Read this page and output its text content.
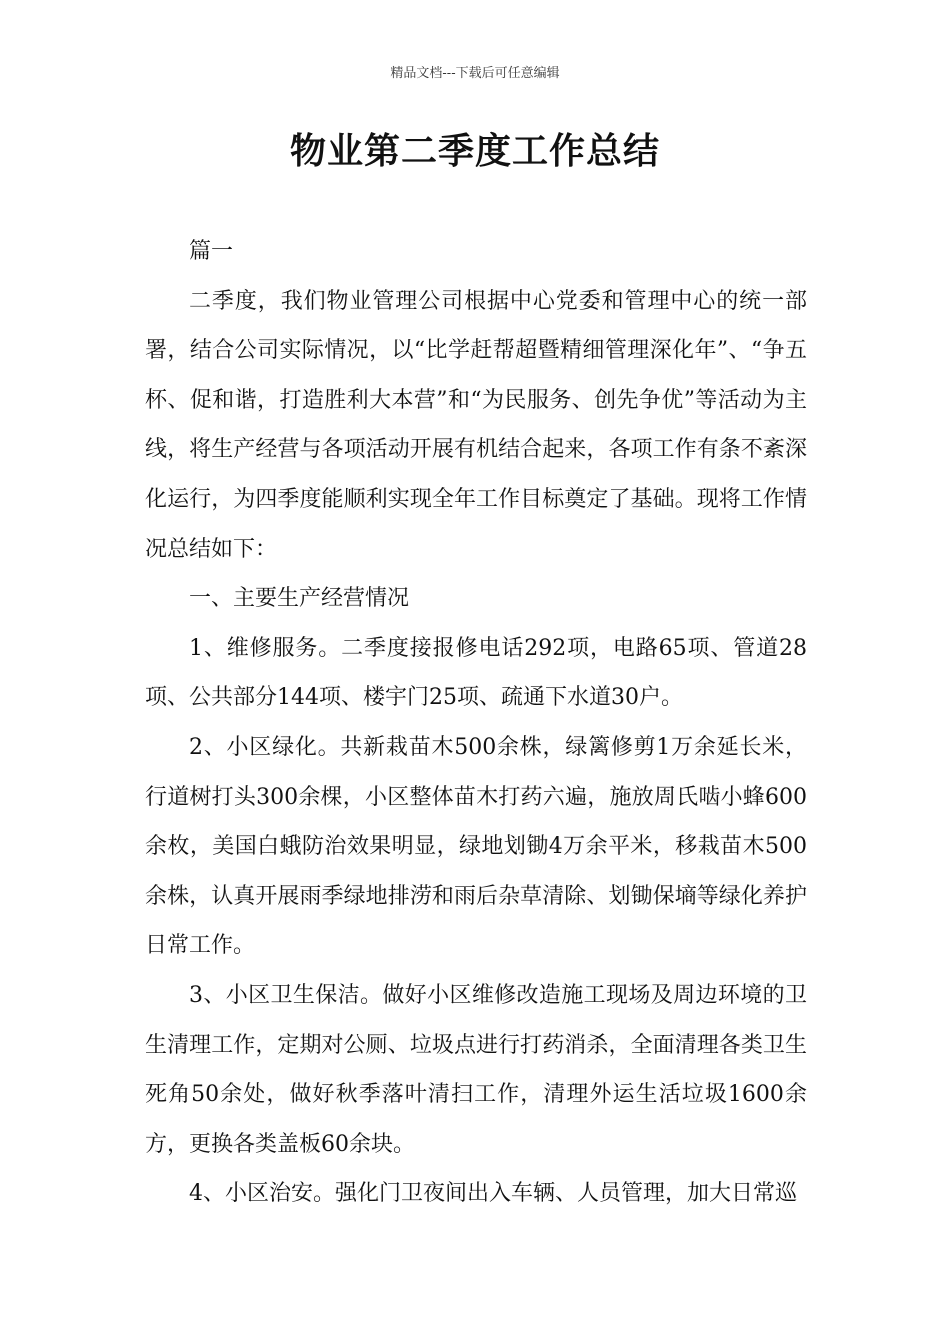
精品文档---下载后可任意编辑
物业第二季度工作总结

篇一

二季度，我们物业管理公司根据中心党委和管理中心的统一部署，结合公司实际情况，以“比学赶帮超暨精细管理深化年”、“争五杯、促和谐，打造胜利大本营”和“为民服务、创先争优”等活动为主线，将生产经营与各项活动开展有机结合起来，各项工作有条不紊深化运行，为四季度能顺利实现全年工作目标奠定了基础。现将工作情况总结如下：

一、主要生产经营情况

1、维修服务。二季度接报修电话292项，电路65项、管道28项、公共部分144项、楼宇门25项、疏通下水道30户。

2、小区绿化。共新栽苗木500余株，绿篱修剪1万余延长米，行道树打头300余棵，小区整体苗木打药六遍，施放周氏啮小蜂600余枚，美国白蛾防治效果明显，绿地划锄4万余平米，移栽苗木500余株，认真开展雨季绿地排涝和雨后杂草清除、划锄保墒等绿化养护日常工作。

3、小区卫生保洁。做好小区维修改造施工现场及周边环境的卫生清理工作，定期对公厕、垃圾点进行打药消杀，全面清理各类卫生死角50余处，做好秋季落叶清扫工作，清理外运生活垃圾1600余方，更换各类盖板60余块。

4、小区治安。强化门卫夜间出入车辆、人员管理，加大日常巡
